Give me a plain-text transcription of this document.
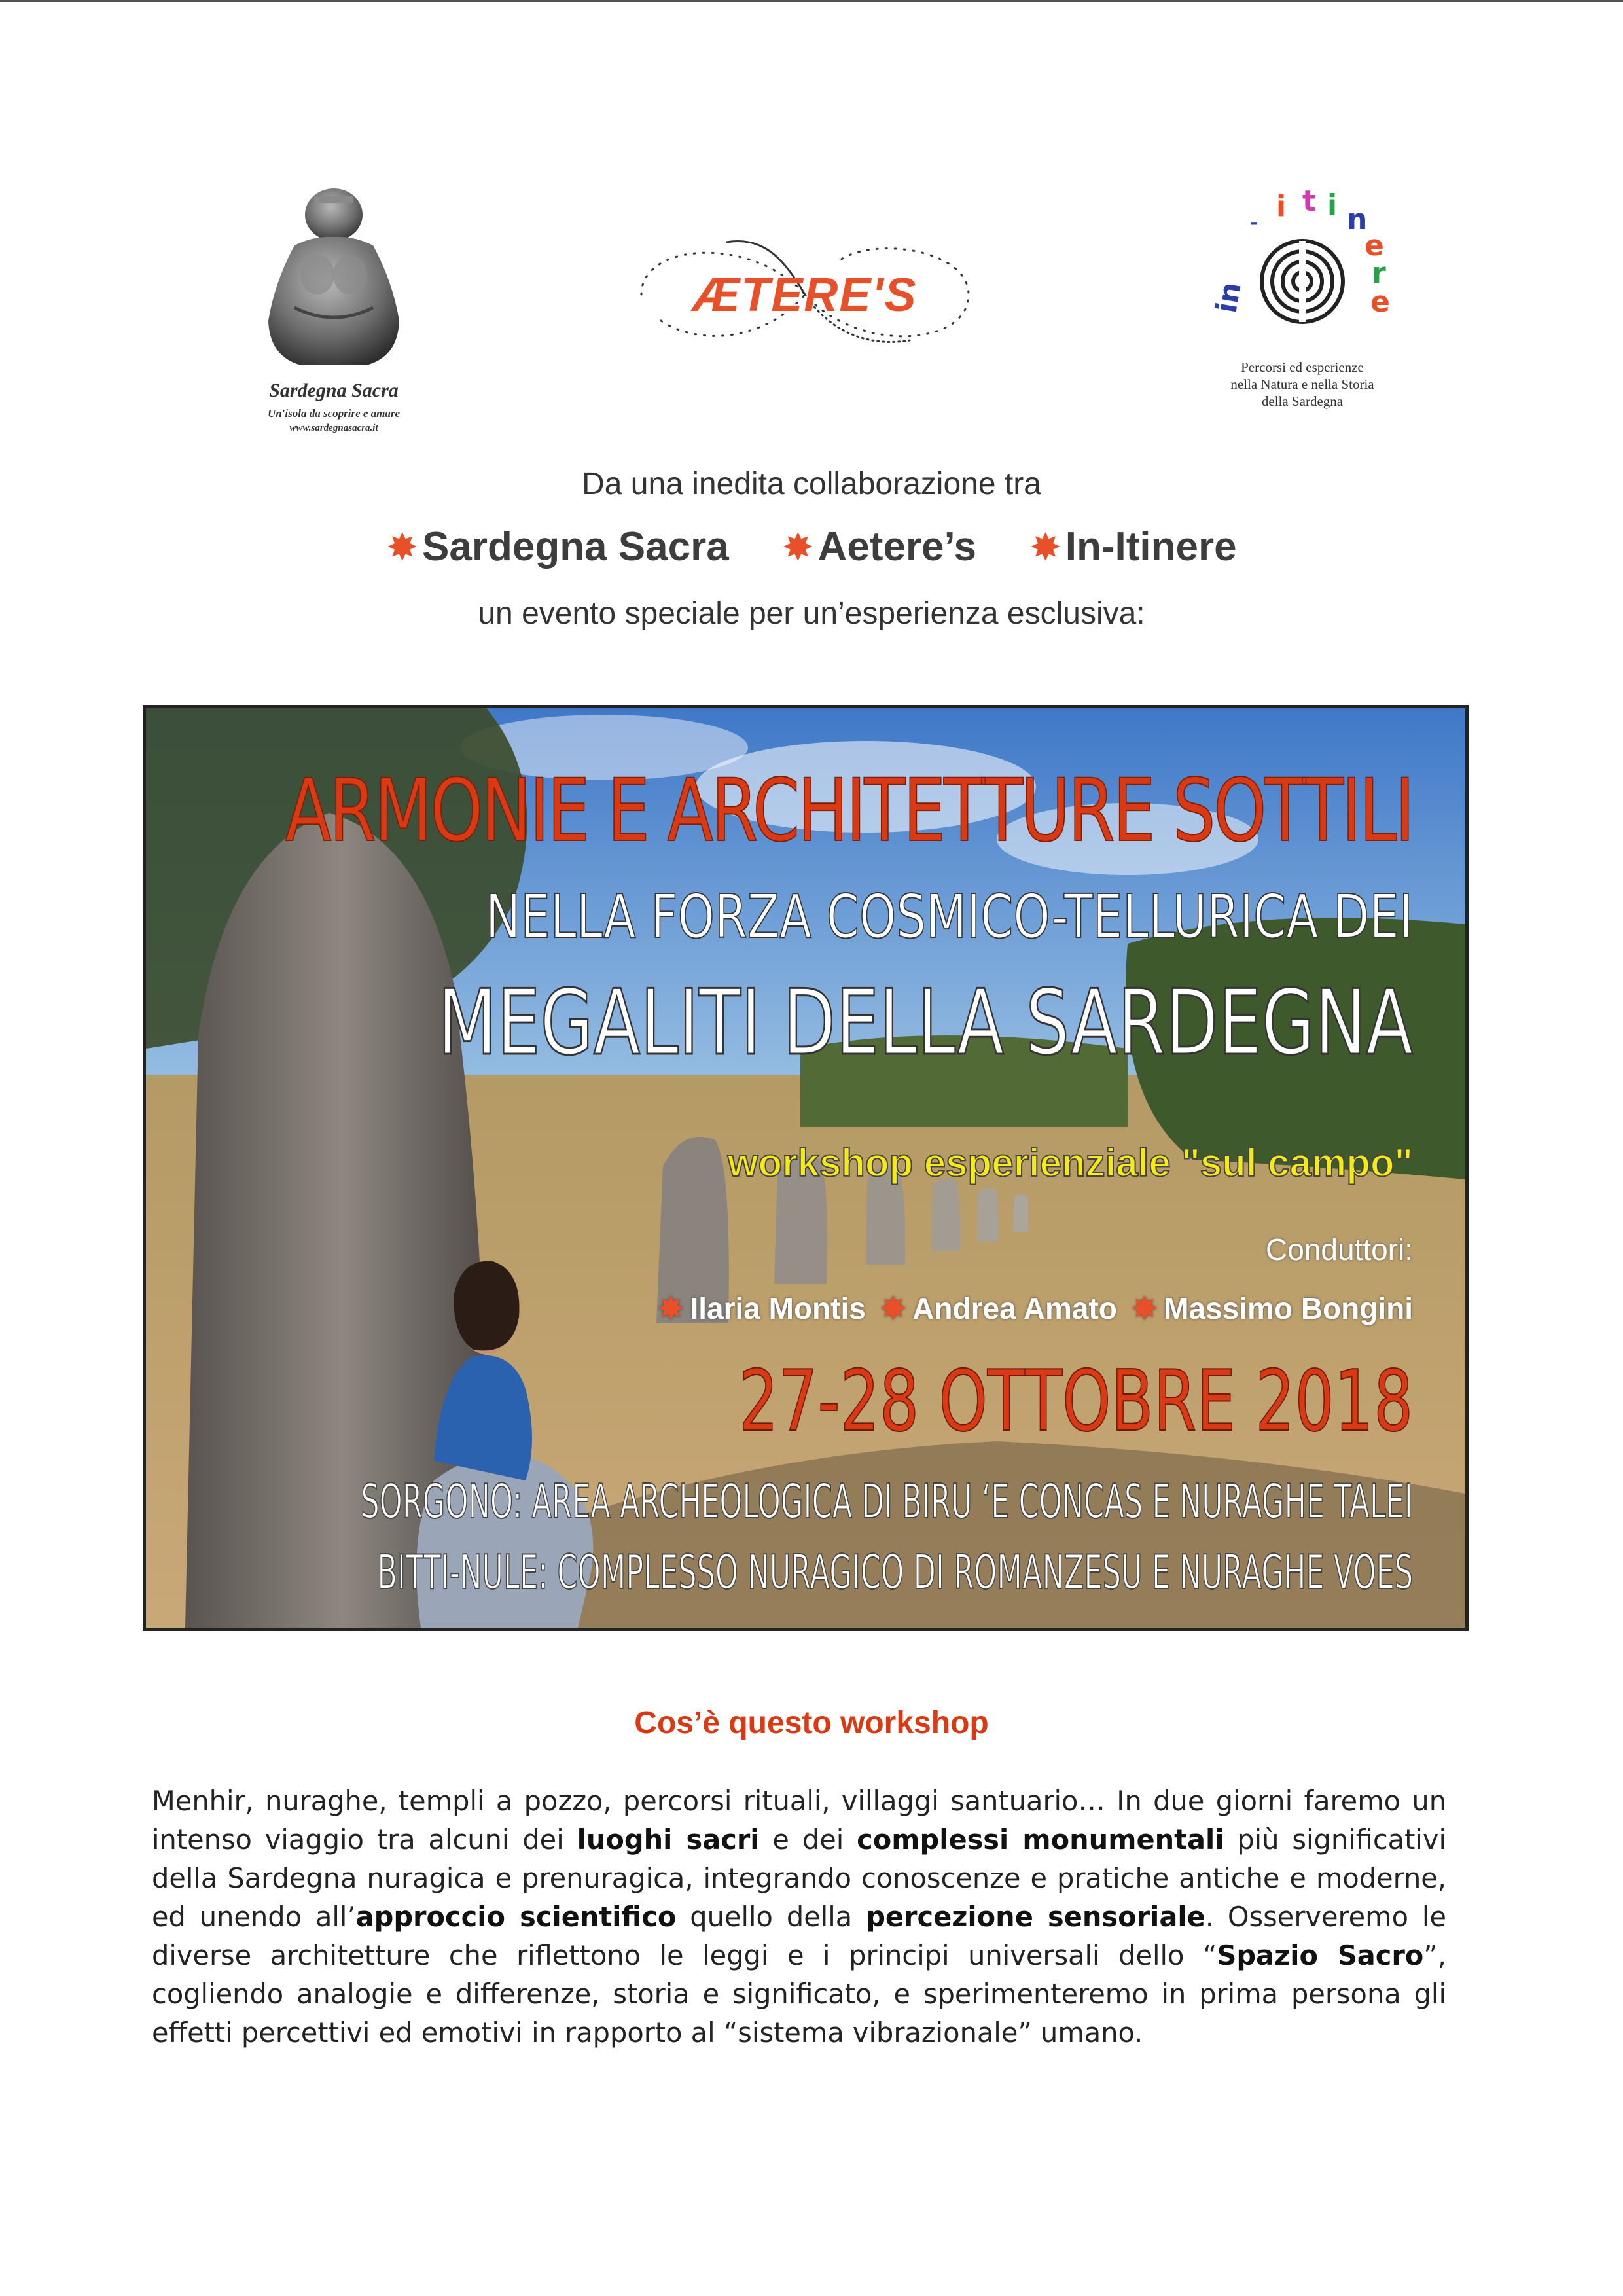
Sardegna Sacra
Un'isola da scoprire e amare
www.sardegnasacra.it
ÆTERE'S	in
- i t i n
e
r
e
Percorsi ed esperienze
nella Natura e nella Storia
della Sardegna
Da una inedita collaborazione tra
✸Sardegna Sacra ✸Aetere’s ✸In-Itinere
un evento speciale per un’esperienza esclusiva:
ARMONIE E ARCHITETTURE SOTTILI
NELLA FORZA COSMICO-TELLURICA DEI
MEGALITI DELLA SARDEGNA
workshop esperienziale "sul campo"
Conduttori:
✸ Ilaria Montis ✸ Andrea Amato ✸ Massimo Bongini
27-28 OTTOBRE 2018
SORGONO: AREA ARCHEOLOGICA DI BIRU ‘E CONCAS E NURAGHE TALEI
BITTI-NULE: COMPLESSO NURAGICO DI ROMANZESU E NURAGHE VOES
Cos’è questo workshop
Menhir, nuraghe, templi a pozzo, percorsi rituali, villaggi santuario… In due giorni faremo un intenso viaggio tra alcuni dei luoghi sacri e dei complessi monumentali più significativi della Sardegna nuragica e prenuragica, integrando conoscenze e pratiche antiche e moderne, ed unendo all’approccio scientifico quello della percezione sensoriale. Osserveremo le diverse architetture che riflettono le leggi e i principi universali dello “Spazio Sacro”, cogliendo analogie e differenze, storia e significato, e sperimenteremo in prima persona gli effetti percettivi ed emotivi in rapporto al “sistema vibrazionale” umano.
